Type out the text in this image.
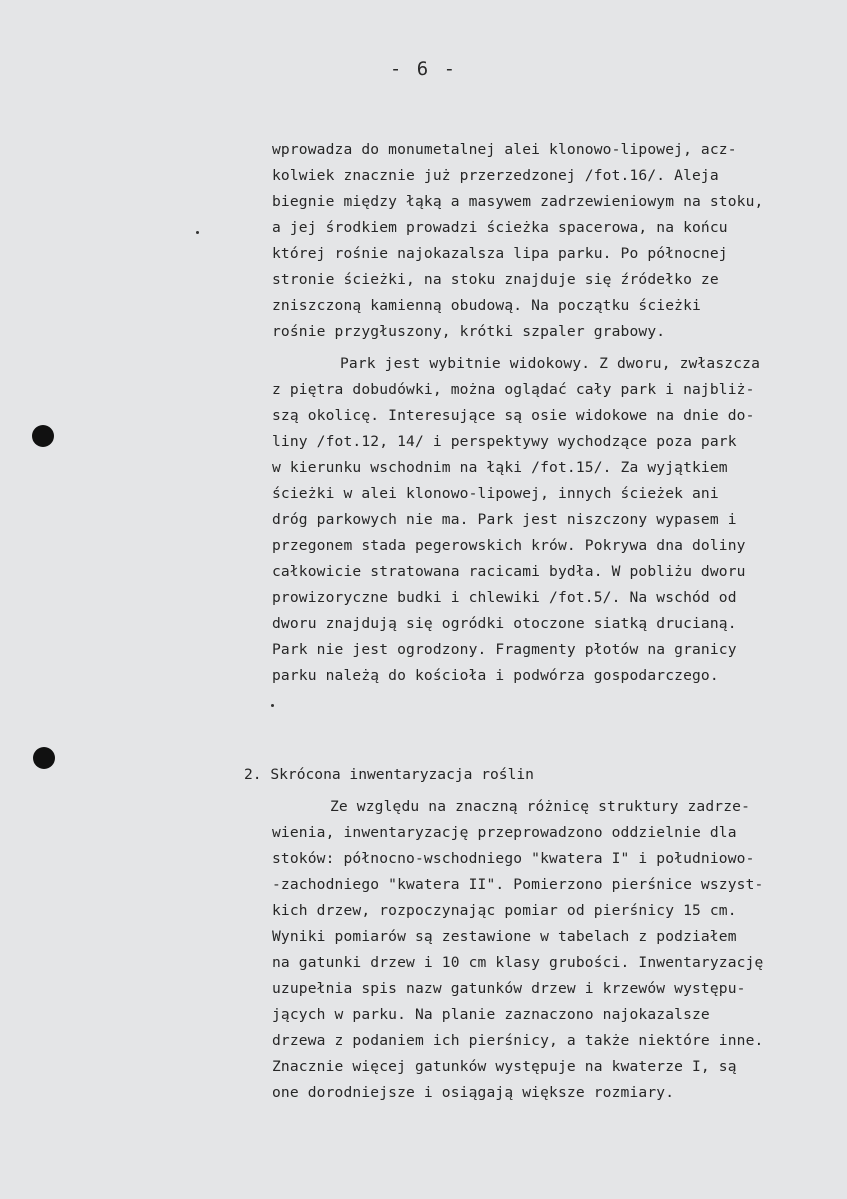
- 6 -
wprowadza do monumetalnej alei klonowo-lipowej, acz-
kolwiek znacznie już przerzedzonej /fot.16/. Aleja
biegnie między łąką a masywem zadrzewieniowym na stoku,
a jej środkiem prowadzi ścieżka spacerowa, na końcu
której rośnie najokazalsza lipa parku. Po północnej
stronie ścieżki, na stoku znajduje się źródełko ze
zniszczoną kamienną obudową. Na początku ścieżki
rośnie przygłuszony, krótki szpaler grabowy.
Park jest wybitnie widokowy. Z dworu, zwłaszcza
z piętra dobudówki, można oglądać cały park i najbliż-
szą okolicę. Interesujące są osie widokowe na dnie do-
liny /fot.12, 14/ i perspektywy wychodzące poza park
w kierunku wschodnim na łąki /fot.15/. Za wyjątkiem
ścieżki w alei klonowo-lipowej, innych ścieżek ani
dróg parkowych nie ma. Park jest niszczony wypasem i
przegonem stada pegerowskich krów. Pokrywa dna doliny
całkowicie stratowana racicami bydła. W pobliżu dworu
prowizoryczne budki i chlewiki /fot.5/. Na wschód od
dworu znajdują się ogródki otoczone siatką drucianą.
Park nie jest ogrodzony. Fragmenty płotów na granicy
parku należą do kościoła i podwórza gospodarczego.
2. Skrócona inwentaryzacja roślin
Ze względu na znaczną różnicę struktury zadrze-
wienia, inwentaryzację przeprowadzono oddzielnie dla
stoków: północno-wschodniego "kwatera I" i południowo-
-zachodniego "kwatera II". Pomierzono pierśnice wszyst-
kich drzew, rozpoczynając pomiar od pierśnicy 15 cm.
Wyniki pomiarów są zestawione w tabelach z podziałem
na gatunki drzew i 10 cm klasy grubości. Inwentaryzację
uzupełnia spis nazw gatunków drzew i krzewów występu-
jących w parku. Na planie zaznaczono najokazalsze
drzewa z podaniem ich pierśnicy, a także niektóre inne.
Znacznie więcej gatunków występuje na kwaterze I, są
one dorodniejsze i osiągają większe rozmiary.
